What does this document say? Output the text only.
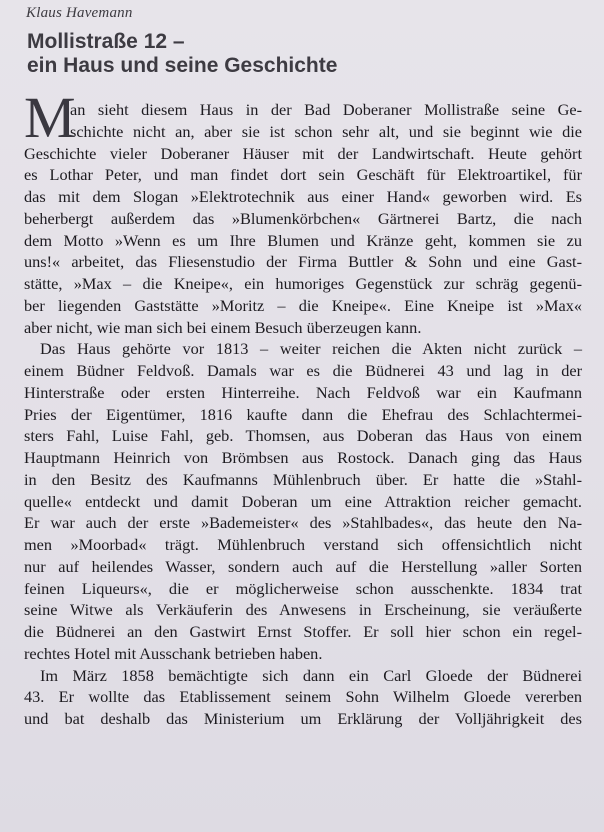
Klaus Havemann
Mollistraße 12 –
ein Haus und seine Geschichte
M
an sieht diesem Haus in der Bad Doberaner Mollistraße seine Ge-
schichte nicht an, aber sie ist schon sehr alt, und sie beginnt wie die
Geschichte vieler Doberaner Häuser mit der Landwirtschaft. Heute gehört
es Lothar Peter, und man findet dort sein Geschäft für Elektroartikel, für
das mit dem Slogan »Elektrotechnik aus einer Hand« geworben wird. Es
beherbergt außerdem das »Blumenkörbchen« Gärtnerei Bartz, die nach
dem Motto »Wenn es um Ihre Blumen und Kränze geht, kommen sie zu
uns!« arbeitet, das Fliesenstudio der Firma Buttler & Sohn und eine Gast-
stätte, »Max – die Kneipe«, ein humoriges Gegenstück zur schräg gegenü-
ber liegenden Gaststätte »Moritz – die Kneipe«. Eine Kneipe ist »Max«
aber nicht, wie man sich bei einem Besuch überzeugen kann.
Das Haus gehörte vor 1813 – weiter reichen die Akten nicht zurück –
einem Büdner Feldvoß. Damals war es die Büdnerei 43 und lag in der
Hinterstraße oder ersten Hinterreihe. Nach Feldvoß war ein Kaufmann
Pries der Eigentümer, 1816 kaufte dann die Ehefrau des Schlachtermei-
sters Fahl, Luise Fahl, geb. Thomsen, aus Doberan das Haus von einem
Hauptmann Heinrich von Brömbsen aus Rostock. Danach ging das Haus
in den Besitz des Kaufmanns Mühlenbruch über. Er hatte die »Stahl-
quelle« entdeckt und damit Doberan um eine Attraktion reicher gemacht.
Er war auch der erste »Bademeister« des »Stahlbades«, das heute den Na-
men »Moorbad« trägt. Mühlenbruch verstand sich offensichtlich nicht
nur auf heilendes Wasser, sondern auch auf die Herstellung »aller Sorten
feinen Liqueurs«, die er möglicherweise schon ausschenkte. 1834 trat
seine Witwe als Verkäuferin des Anwesens in Erscheinung, sie veräußerte
die Büdnerei an den Gastwirt Ernst Stoffer. Er soll hier schon ein regel-
rechtes Hotel mit Ausschank betrieben haben.
Im März 1858 bemächtigte sich dann ein Carl Gloede der Büdnerei
43. Er wollte das Etablissement seinem Sohn Wilhelm Gloede vererben
und bat deshalb das Ministerium um Erklärung der Volljährigkeit des
